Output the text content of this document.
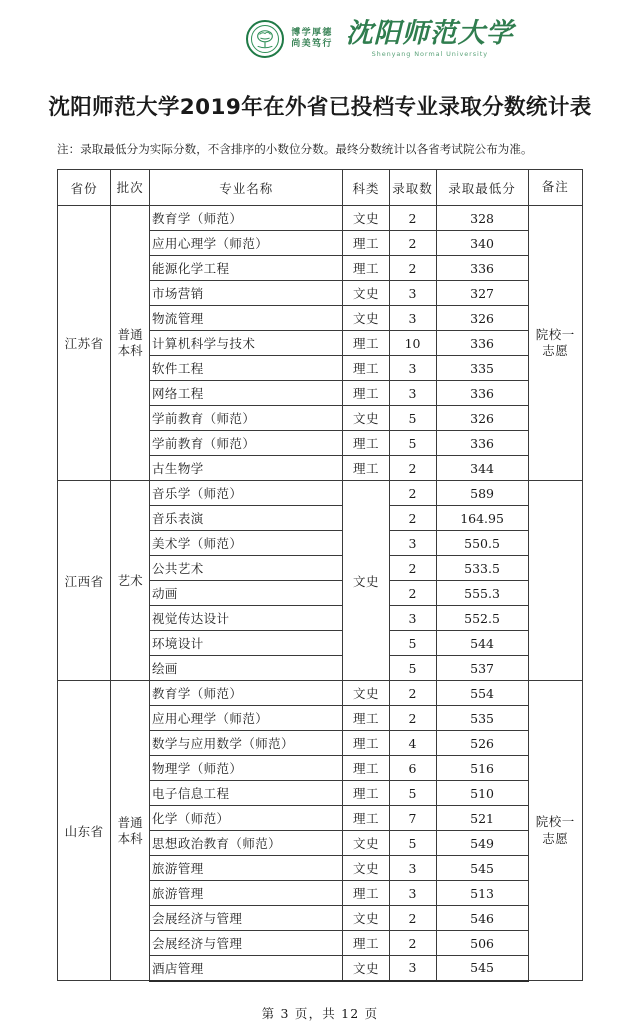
博学厚德
尚美笃行 沈阳师范大学
Shenyang Normal University
沈阳师范大学2019年在外省已投档专业录取分数统计表
注：录取最低分为实际分数，不含排序的小数位分数。最终分数统计以各省考试院公布为准。
省份	批次	专业名称	科类	录取数	录取最低分	备注
江苏省	普通本科	教育学（师范）	文史	2	328	院校一志愿
		应用心理学（师范）	理工	2	340	
		能源化学工程	理工	2	336	
		市场营销	文史	3	327	
		物流管理	文史	3	326	
		计算机科学与技术	理工	10	336	
		软件工程	理工	3	335	
		网络工程	理工	3	336	
		学前教育（师范）	文史	5	326	
		学前教育（师范）	理工	5	336	
		古生物学	理工	2	344	
江西省	艺术	音乐学（师范）	文史	2	589	
		音乐表演		2	164.95	
		美术学（师范）		3	550.5	
		公共艺术		2	533.5	
		动画		2	555.3	
		视觉传达设计		3	552.5	
		环境设计		5	544	
		绘画		5	537	
山东省	普通本科	教育学（师范）	文史	2	554	院校一志愿
		应用心理学（师范）	理工	2	535	
		数学与应用数学（师范）	理工	4	526	
		物理学（师范）	理工	6	516	
		电子信息工程	理工	5	510	
		化学（师范）	理工	7	521	
		思想政治教育（师范）	文史	5	549	
		旅游管理	文史	3	545	
		旅游管理	理工	3	513	
		会展经济与管理	文史	2	546	
		会展经济与管理	理工	2	506	
		酒店管理	文史	3	545	
第 3 页，共 12 页
